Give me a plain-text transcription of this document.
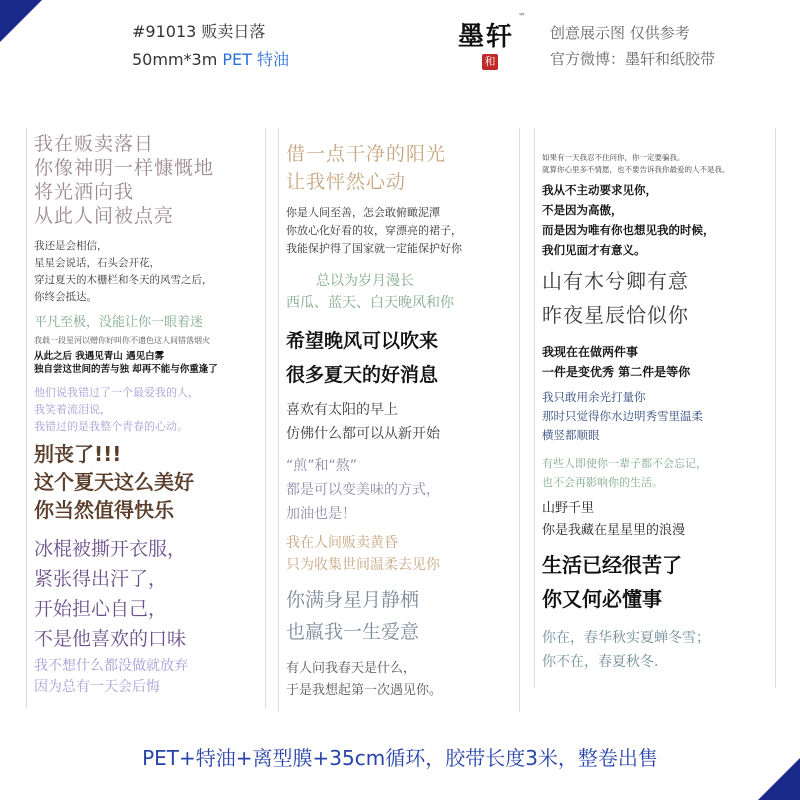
#91013 贩卖日落
50mm*3m PET 特油
墨轩
™
和
创意展示图 仅供参考
官方微博：墨轩和纸胶带
我在贩卖落日
你像神明一样慷慨地
将光洒向我
从此人间被点亮
我还是会相信，
星星会说话，石头会开花，
穿过夏天的木栅栏和冬天的风雪之后，
你终会抵达。
平凡至极，没能让你一眼着迷
我载一段星河以赠你好叫你不遗色这人间错落烟火
从此之后 我遇见青山 遇见白雾
独自尝这世间的苦与独 却再不能与你重逢了
他们说我错过了一个最爱我的人，
我笑着流泪说，
我错过的是我整个青春的心动。
别丧了!!!
这个夏天这么美好
你当然值得快乐
冰棍被撕开衣服，
紧张得出汗了，
开始担心自己，
不是他喜欢的口味
我不想什么都没做就放弃
因为总有一天会后悔
借一点干净的阳光
让我怦然心动
你是人间至善，怎会敢俯瞰泥潭
你放心化好看的妆，穿漂亮的裙子，
我能保护得了国家就一定能保护好你
总以为岁月漫长
西瓜、蓝天、白天晚风和你
希望晚风可以吹来
很多夏天的好消息
喜欢有太阳的早上
仿佛什么都可以从新开始
“煎”和“熬”
都是可以变美味的方式，
加油也是！
我在人间贩卖黄昏
只为收集世间温柔去见你
你满身星月静栖
也羸我一生爱意
有人问我春天是什么，
于是我想起第一次遇见你。
如果有一天我忍不住问你，你一定要骗我。
就算你心里多不情愿，也不要告诉我你最爱的人不是我。
我从不主动要求见你，
不是因为高傲，
而是因为唯有你也想见我的时候，
我们见面才有意义。
山有木兮卿有意
昨夜星辰恰似你
我现在在做两件事
一件是变优秀 第二件是等你
我只敢用余光打量你
那时只觉得你水边明秀雪里温柔
横竖都顺眼
有些人即使你一辈子都不会忘记，
也不会再影响你的生活。
山野千里
你是我藏在星星里的浪漫
生活已经很苦了
你又何必懂事
你在，春华秋实夏蝉冬雪；
你不在，春夏秋冬.
PET+特油+离型膜+35cm循环，胶带长度3米，整卷出售
